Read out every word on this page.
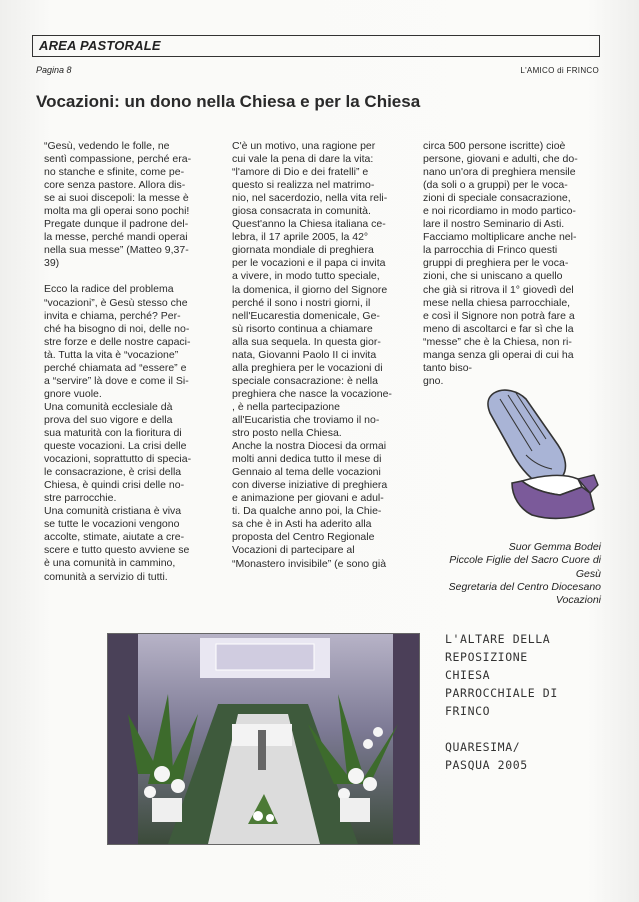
AREA PASTORALE
Pagina 8	L'AMICO di FRINCO
Vocazioni: un dono nella Chiesa e per la Chiesa

“Gesù, vedendo le folle, ne

sentì compassione, perché era-

no stanche e sfinite, come pe-

core senza pastore. Allora dis-

se ai suoi discepoli: la messe è

molta ma gli operai sono pochi!

Pregate dunque il padrone del-

la messe, perché mandi operai

nella sua messe” (Matteo 9,37-

39)

Ecco la radice del problema

“vocazioni”, è Gesù stesso che

invita e chiama, perché? Per-

ché ha bisogno di noi, delle no-

stre forze e delle nostre capaci-

tà. Tutta la vita è “vocazione”

perché chiamata ad “essere” e

a “servire” là dove e come il Si-

gnore vuole.

Una comunità ecclesiale dà

prova del suo vigore e della

sua maturità con la fioritura di

queste vocazioni. La crisi delle

vocazioni, soprattutto di specia-

le consacrazione, è crisi della

Chiesa, è quindi crisi delle no-

stre parrocchie.

Una comunità cristiana è viva

se tutte le vocazioni vengono

accolte, stimate, aiutate a cre-

scere e tutto questo avviene se

è una comunità in cammino,

comunità a servizio di tutti.

C'è un motivo, una ragione per

cui vale la pena di dare la vita:

“l'amore di Dio e dei fratelli” e

questo si realizza nel matrimo-

nio, nel sacerdozio, nella vita reli-

giosa consacrata in comunità.

Quest'anno la Chiesa italiana ce-

lebra, il 17 aprile 2005, la 42°

giornata mondiale di preghiera

per le vocazioni e il papa ci invita

a vivere, in modo tutto speciale,

la domenica, il giorno del Signore

perché il sono i nostri giorni, il

nell'Eucarestia domenicale, Ge-

sù risorto continua a chiamare

alla sua sequela. In questa gior-

nata, Giovanni Paolo II ci invita

alla preghiera per le vocazioni di

speciale consacrazione: è nella

preghiera che nasce la vocazione-

, è nella partecipazione

all'Eucaristia che troviamo il no-

stro posto nella Chiesa.

Anche la nostra Diocesi da ormai

molti anni dedica tutto il mese di

Gennaio al tema delle vocazioni

con diverse iniziative di preghiera

e animazione per giovani e adul-

ti. Da qualche anno poi, la Chie-

sa che è in Asti ha aderito alla

proposta del Centro Regionale

Vocazioni di partecipare al

“Monastero invisibile” (e sono già

circa 500 persone iscritte) cioè

persone, giovani e adulti, che do-

nano un'ora di preghiera mensile

(da soli o a gruppi) per le voca-

zioni di speciale consacrazione,

e noi ricordiamo in modo partico-

lare il nostro Seminario di Asti.

Facciamo moltiplicare anche nel-

la parrocchia di Frinco questi

gruppi di preghiera per le voca-

zioni, che si uniscano a quello

che già si ritrova il 1° giovedì del

mese nella chiesa parrocchiale,

e così il Signore non potrà fare a

meno di ascoltarci e far sì che la

“messe” che è la Chiesa, non ri-

manga senza gli operai di cui ha

tanto biso-

gno.

Suor Gemma Bodei

Piccole Figlie del Sacro Cuore di

Gesù

Segretaria del Centro Diocesano

Vocazioni

L'ALTARE DELLA

REPOSIZIONE

CHIESA

PARROCCHIALE DI

FRINCO

QUARESIMA/

PASQUA 2005
